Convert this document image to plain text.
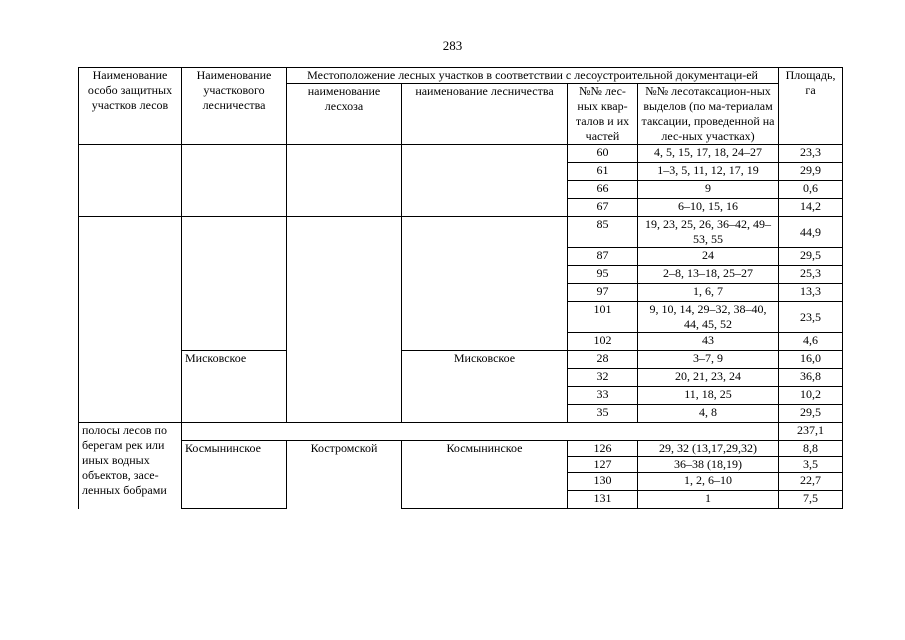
283
Наименование особо защитных участков лесов	Наименование участкового лесничества	Местоположение лесных участков в соответствии с лесоустроительной документаци-ей				Площадь, га
		наименование лесхоза	наименование лесничества	№№ лес-ных квар-талов и их частей	№№ лесотаксацион-ных выделов (по ма-териалам таксации, проведенной на лес-ных участках)	
				60	4, 5, 15, 17, 18, 24–27	23,3
				61	1–3, 5, 11, 12, 17, 19	29,9
				66	9	0,6
				67	6–10, 15, 16	14,2
				85	19, 23, 25, 26, 36–42, 49–53, 55	44,9
				87	24	29,5
				95	2–8, 13–18, 25–27	25,3
				97	1, 6, 7	13,3
				101	9, 10, 14, 29–32, 38–40, 44, 45, 52	23,5
				102	43	4,6
	Мисковское		Мисковское	28	3–7, 9	16,0
				32	20, 21, 23, 24	36,8
				33	11, 18, 25	10,2
				35	4, 8	29,5
полосы лесов по берегам рек или иных водных объектов, засе-ленных бобрами						237,1
	Космынинское	Костромской	Космынинское	126	29, 32 (13,17,29,32)	8,8
				127	36–38 (18,19)	3,5
				130	1, 2, 6–10	22,7
				131	1	7,5
